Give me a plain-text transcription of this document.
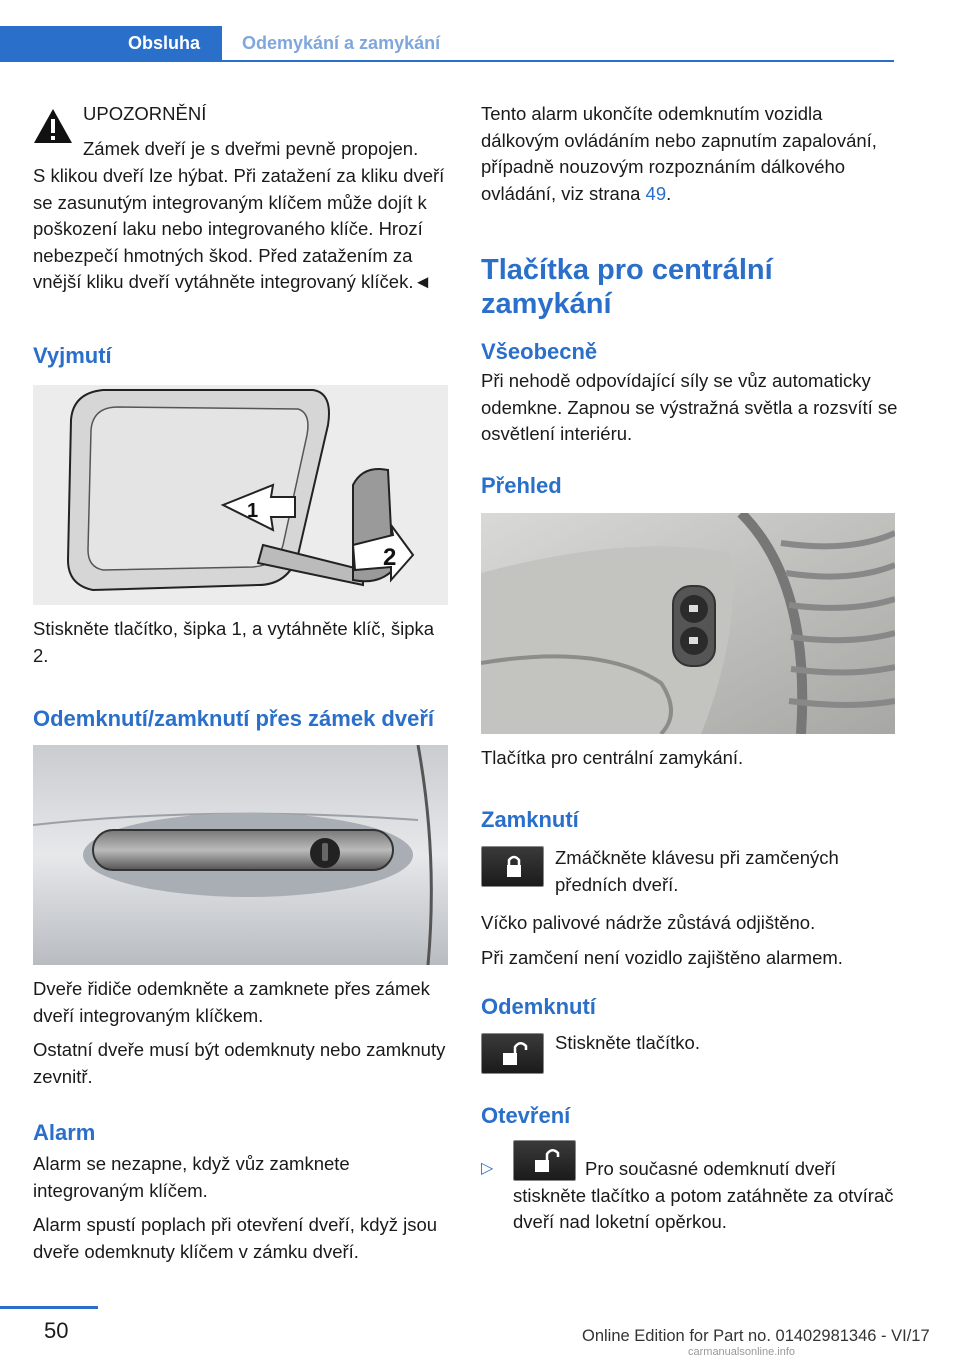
Obsluha	Odemykání a zamykání
UPOZORNĚNÍ
Zámek dveří je s dveřmi pevně propojen.
S klikou dveří lze hýbat. Při zatažení za kliku dveří se zasunutým integrovaným klíčem může dojít k poškození laku nebo integrovaného klíče. Hrozí nebezpečí hmotných škod. Před zatažením za vnější kliku dveří vytáhněte integrovaný klíček.◄
Vyjmutí
1
2
Stiskněte tlačítko, šipka 1, a vytáhněte klíč, šipka 2.
Odemknutí/zamknutí přes zámek dveří
Dveře řidiče odemkněte a zamknete přes zámek dveří integrovaným klíčkem.
Ostatní dveře musí být odemknuty nebo zamknuty zevnitř.
Alarm
Alarm se nezapne, když vůz zamknete integrovaným klíčem.
Alarm spustí poplach při otevření dveří, když jsou dveře odemknuty klíčem v zámku dveří.
Tento alarm ukončíte odemknutím vozidla dálkovým ovládáním nebo zapnutím zapalování, případně nouzovým rozpoznáním dálkového ovládání, viz strana 49.
Tlačítka pro centrální zamykání
Všeobecně
Při nehodě odpovídající síly se vůz automaticky odemkne. Zapnou se výstražná světla a rozsvítí se osvětlení interiéru.
Přehled
Tlačítka pro centrální zamykání.
Zamknutí
Zmáčkněte klávesu při zamčených předních dveří.
Víčko palivové nádrže zůstává odjištěno.
Při zamčení není vozidlo zajištěno alarmem.
Odemknutí
Stiskněte tlačítko.
Otevření
▷	Pro současné odemknutí dveří stiskněte tlačítko a potom zatáhněte za otvírač dveří nad loketní opěrkou.
50	Online Edition for Part no. 01402981346 - VI/17
carmanualsonline.info
